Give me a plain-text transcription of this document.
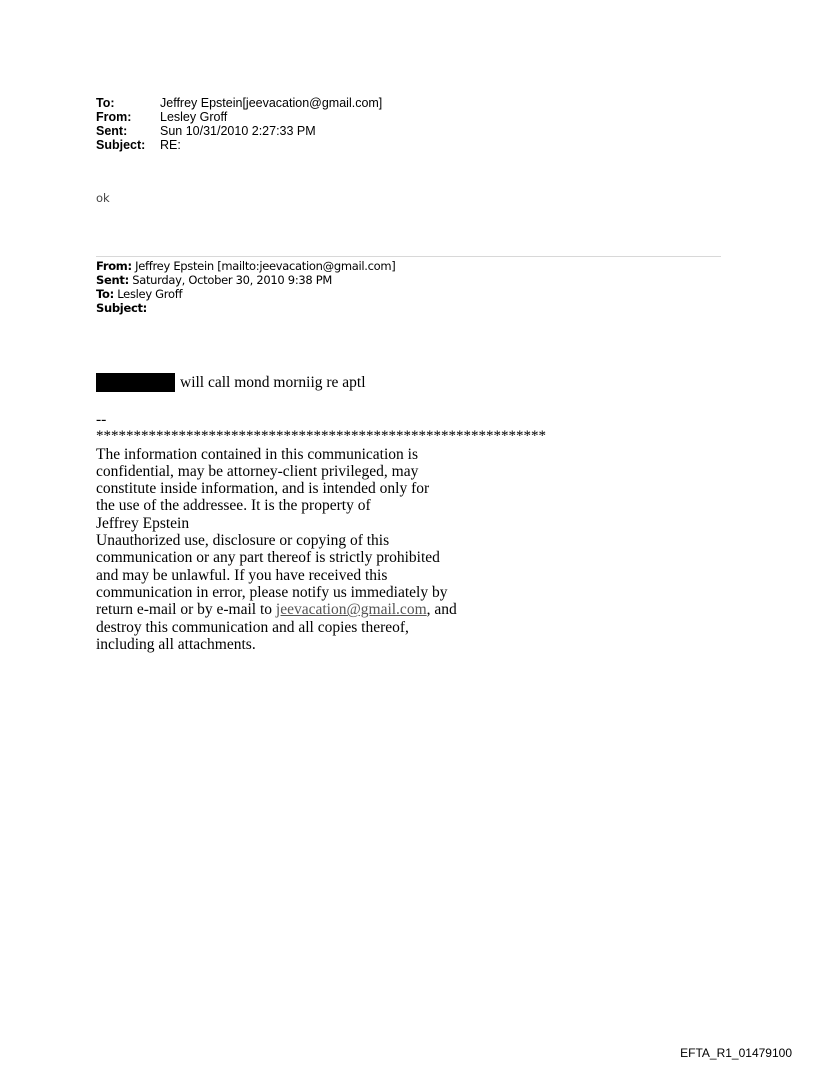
To:	Jeffrey Epstein[jeevacation@gmail.com]
From:	Lesley Groff
Sent:	Sun 10/31/2010 2:27:33 PM
Subject:	RE:
ok
From: Jeffrey Epstein [mailto:jeevacation@gmail.com]
Sent: Saturday, October 30, 2010 9:38 PM
To: Lesley Groff
Subject:
will call mond morniig re aptl
--
************************************************************
The information contained in this communication is
confidential, may be attorney-client privileged, may
constitute inside information, and is intended only for
the use of the addressee. It is the property of
Jeffrey Epstein
Unauthorized use, disclosure or copying of this
communication or any part thereof is strictly prohibited
and may be unlawful. If you have received this
communication in error, please notify us immediately by
return e-mail or by e-mail to jeevacation@gmail.com, and
destroy this communication and all copies thereof,
including all attachments.
EFTA_R1_01479100
